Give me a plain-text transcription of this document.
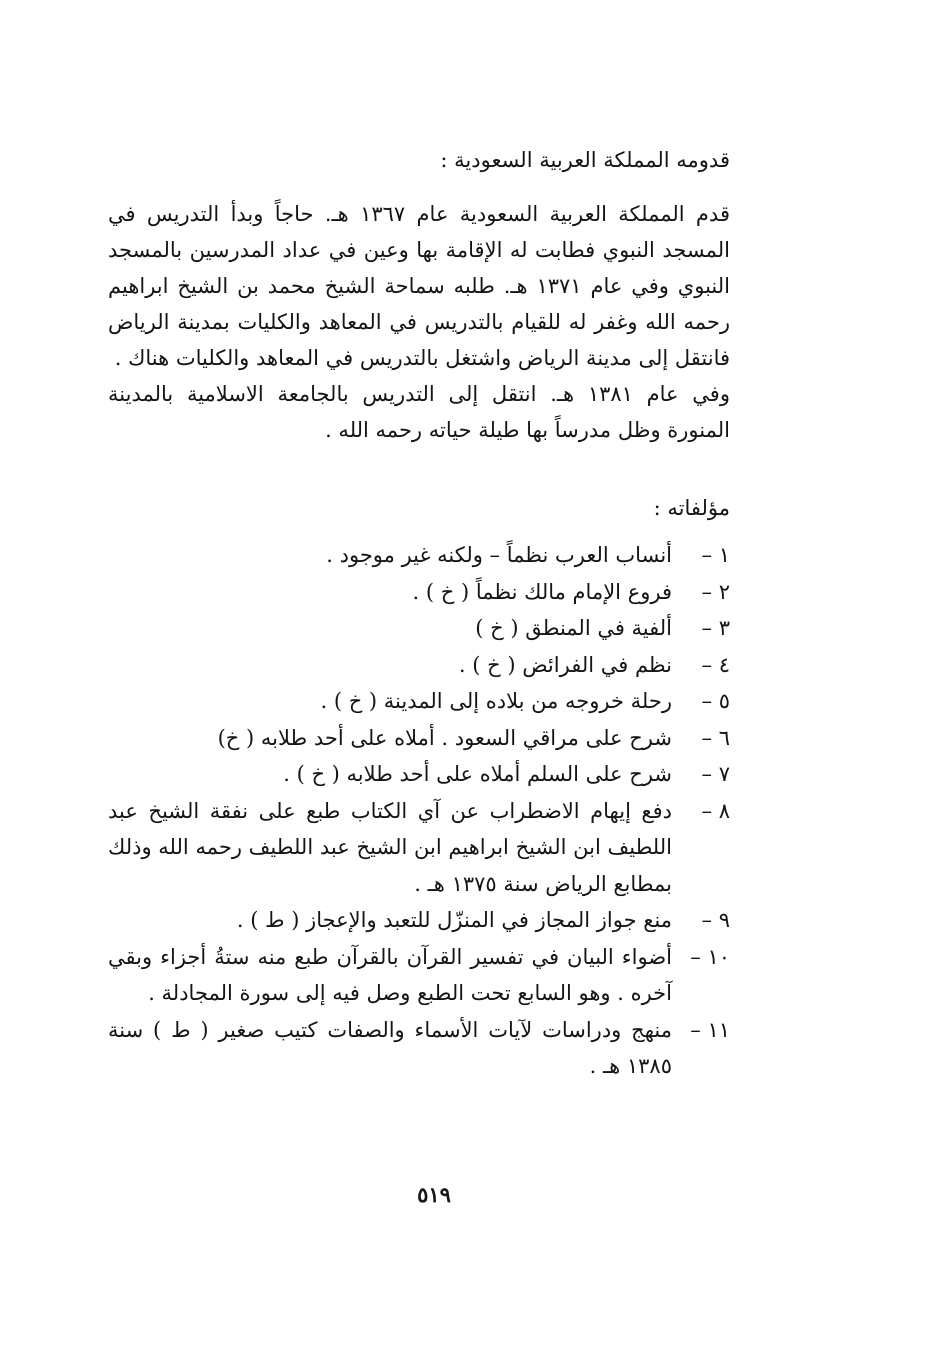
قدومه المملكة العربية السعودية :

قدم المملكة العربية السعودية عام ١٣٦٧ هـ. حاجاً وبدأ التدريس في المسجد النبوي فطابت له الإقامة بها وعين في عداد المدرسين بالمسجد النبوي وفي عام ١٣٧١ هـ. طلبه سماحة الشيخ محمد بن الشيخ ابراهيم رحمه الله وغفر له للقيام بالتدريس في المعاهد والكليات بمدينة الرياض فانتقل إلى مدينة الرياض واشتغل بالتدريس في المعاهد والكليات هناك .

وفي عام ١٣٨١ هـ. انتقل إلى التدريس بالجامعة الاسلامية بالمدينة المنورة وظل مدرساً بها طيلة حياته رحمه الله .

مؤلفاته :
١ –
أنساب العرب نظماً – ولكنه غير موجود .
٢ –
فروع الإمام مالك نظماً ( خ ) .
٣ –
ألفية في المنطق ( خ )
٤ –
نظم في الفرائض ( خ ) .
٥ –
رحلة خروجه من بلاده إلى المدينة ( خ ) .
٦ –
شرح على مراقي السعود . أملاه على أحد طلابه ( خ)
٧ –
شرح على السلم أملاه على أحد طلابه ( خ ) .
٨ –
دفع إيهام الاضطراب عن آي الكتاب طبع على نفقة الشيخ عبد اللطيف ابن الشيخ ابراهيم ابن الشيخ عبد اللطيف رحمه الله وذلك بمطابع الرياض سنة ١٣٧٥ هـ .
٩ –
منع جواز المجاز في المنزّل للتعبد والإعجاز ( ط ) .
١٠ –
أضواء البيان في تفسير القرآن بالقرآن طبع منه ستةُ أجزاء وبقي آخره . وهو السابع تحت الطبع وصل فيه إلى سورة المجادلة .
١١ –
منهج ودراسات لآيات الأسماء والصفات كتيب صغير ( ط ) سنة ١٣٨٥ هـ .
٥١٩
